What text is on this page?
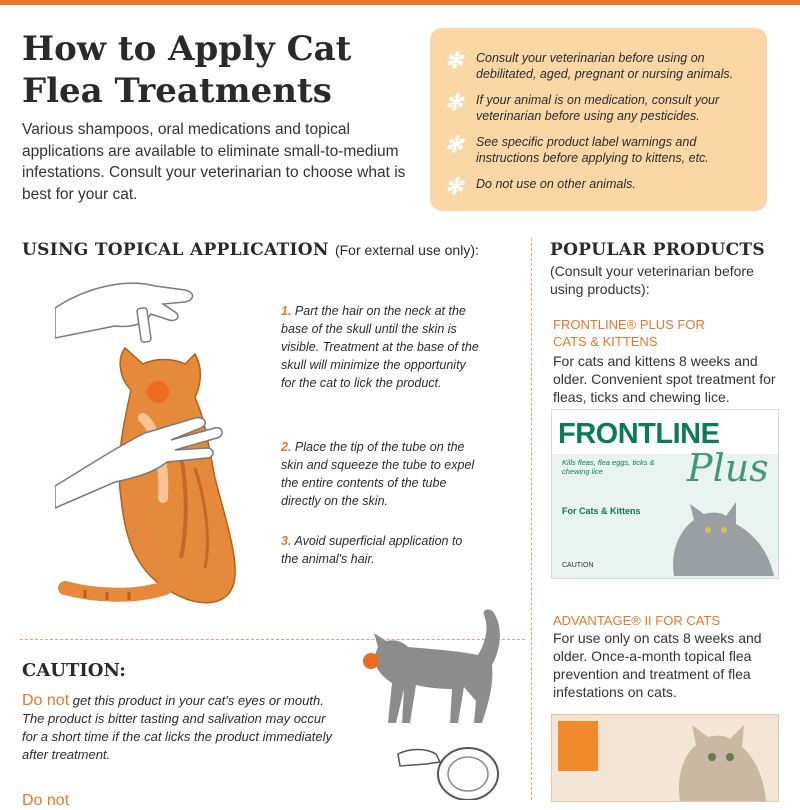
How to Apply Cat
Flea Treatments
Various shampoos, oral medications and topical applications are available to eliminate small-to-medium infestations. Consult your veterinarian to choose what is best for your cat.
✻ Consult your veterinarian before using on debilitated, aged, pregnant or nursing animals.
✻ If your animal is on medication, consult your veterinarian before using any pesticides.
✻ See specific product label warnings and instructions before applying to kittens, etc.
✻ Do not use on other animals.
USING TOPICAL APPLICATION (For external use only):
1. Part the hair on the neck at the base of the skull until the skin is visible. Treatment at the base of the skull will minimize the opportunity for the cat to lick the product.
2. Place the tip of the tube on the skin and squeeze the tube to expel the entire contents of the tube directly on the skin.
3. Avoid superficial application to the animal's hair.
CAUTION:
Do not get this product in your cat's eyes or mouth. The product is bitter tasting and salivation may occur for a short time if the cat licks the product immediately after treatment.
Do not
POPULAR PRODUCTS
(Consult your veterinarian before using products):
FRONTLINE® PLUS FOR
CATS & KITTENS
For cats and kittens 8 weeks and older. Convenient spot treatment for fleas, ticks and chewing lice.
FRONTLINE
Kills fleas, flea eggs, ticks & chewing lice	Plus
For Cats & Kittens
CAUTION
ADVANTAGE® II FOR CATS
For use only on cats 8 weeks and older. Once-a-month topical flea prevention and treatment of flea infestations on cats.
